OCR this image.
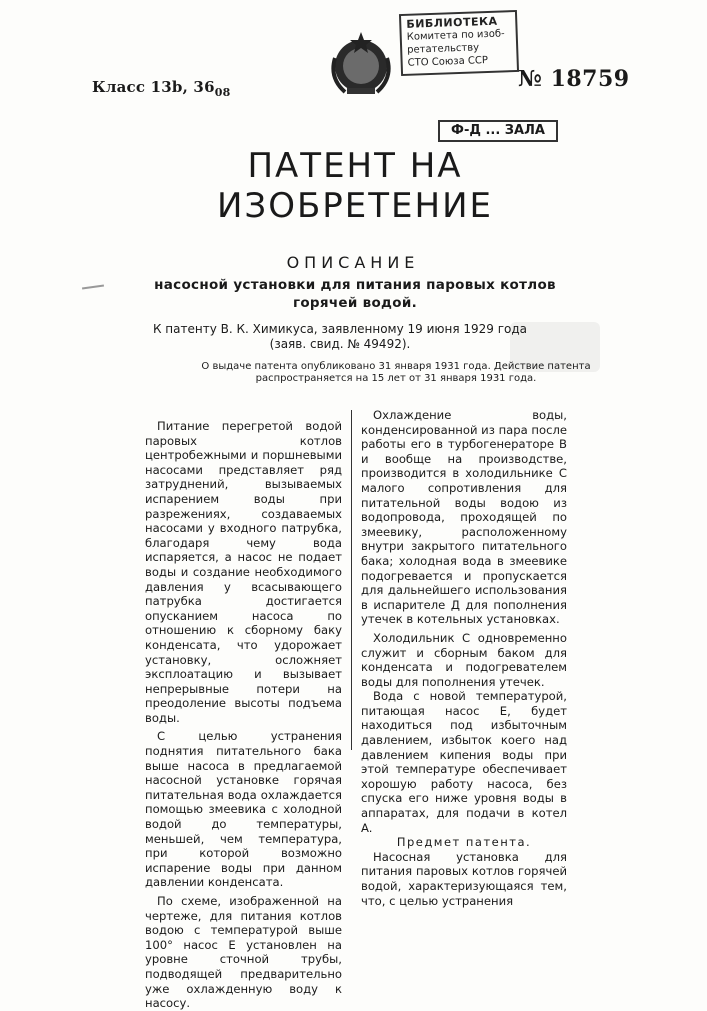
Класс 13b, 3608
БИБЛИОТЕКА
Комитета по изоб-
ретательству
СТО Союза ССР
№ 18759
Ф-Д ... ЗАЛА
ПАТЕНТ НА ИЗОБРЕТЕНИЕ
ОПИСАНИЕ
насосной установки для питания паровых котлов
горячей водой.
К патенту В. К. Химикуса, заявленному 19 июня 1929 года
(заяв. свид. № 49492).
О выдаче патента опубликовано 31 января 1931 года. Действие патента
распространяется на 15 лет от 31 января 1931 года.

Питание перегретой водой паровых котлов центробежными и поршневыми насосами представляет ряд затруднений, вызываемых испарением воды при разрежениях, создаваемых насосами у входного патрубка, благодаря чему вода испаряется, а насос не подает воды и создание необходимого давления у всасывающего патрубка достигается опусканием насоса по отношению к сборному баку конденсата, что удорожает установку, осложняет эксплоатацию и вызывает непрерывные потери на преодоление высоты подъема воды.

С целью устранения поднятия питательного бака выше насоса в предлагаемой насосной установке горячая питательная вода охлаждается помощью змеевика с холодной водой до температуры, меньшей, чем температура, при которой возможно испарение воды при данном давлении конденсата.

По схеме, изображенной на чертеже, для питания котлов водою с температурой выше 100° насос E установлен на уровне сточной трубы, подводящей предварительно уже охлажденную воду к насосу.

Охлаждение воды, конденсированной из пара после работы его в турбогенераторе B и вообще на производстве, производится в холодильнике C малого сопротивления для питательной воды водою из водопровода, проходящей по змеевику, расположенному внутри закрытого питательного бака; холодная вода в змеевике подогревается и пропускается для дальнейшего использования в испарителе Д для пополнения утечек в котельных установках.

Холодильник C одновременно служит и сборным баком для конденсата и подогревателем воды для пополнения утечек.

Вода с новой температурой, питающая насос E, будет находиться под избыточным давлением, избыток коего над давлением кипения воды при этой температуре обеспечивает хорошую работу насоса, без спуска его ниже уровня воды в аппаратах, для подачи в котел A.

Предмет патента.

Насосная установка для питания паровых котлов горячей водой, характеризующаяся тем, что, с целью устранения
